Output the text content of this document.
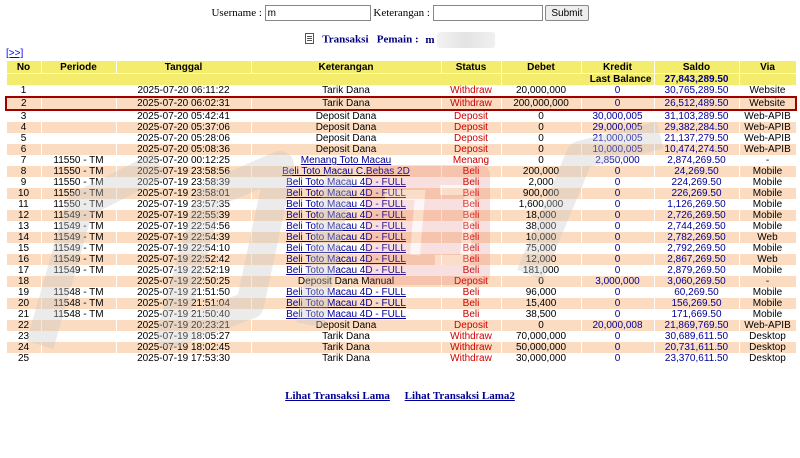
Username : m	Keterangan :	Submit
Transaksi Pemain : m
[>>]
No	Periode	Tanggal	Keterangan	Status	Debet	Kredit	Saldo	Via
					Last Balance		27,843,289.50	
1		2025-07-20 06:11:22	Tarik Dana	Withdraw	20,000,000	0	30,765,289.50	Website
2		2025-07-20 06:02:31	Tarik Dana	Withdraw	200,000,000	0	26,512,489.50	Website
3		2025-07-20 05:42:41	Deposit Dana	Deposit	0	30,000,005	31,103,289.50	Web-APIB
4		2025-07-20 05:37:06	Deposit Dana	Deposit	0	29,000,005	29,382,284.50	Web-APIB
5		2025-07-20 05:28:06	Deposit Dana	Deposit	0	21,000,005	21,137,279.50	Web-APIB
6		2025-07-20 05:08:36	Deposit Dana	Deposit	0	10,000,005	10,474,274.50	Web-APIB
7	11550 - TM	2025-07-20 00:12:25	Menang Toto Macau	Menang	0	2,850,000	2,874,269.50	-
8	11550 - TM	2025-07-19 23:58:56	Beli Toto Macau C.Bebas 2D	Beli	200,000	0	24,269.50	Mobile
9	11550 - TM	2025-07-19 23:58:39	Beli Toto Macau 4D - FULL	Beli	2,000	0	224,269.50	Mobile
10	11550 - TM	2025-07-19 23:58:01	Beli Toto Macau 4D - FULL	Beli	900,000	0	226,269.50	Mobile
11	11550 - TM	2025-07-19 23:57:35	Beli Toto Macau 4D - FULL	Beli	1,600,000	0	1,126,269.50	Mobile
12	11549 - TM	2025-07-19 22:55:39	Beli Toto Macau 4D - FULL	Beli	18,000	0	2,726,269.50	Mobile
13	11549 - TM	2025-07-19 22:54:56	Beli Toto Macau 4D - FULL	Beli	38,000	0	2,744,269.50	Mobile
14	11549 - TM	2025-07-19 22:54:39	Beli Toto Macau 4D - FULL	Beli	10,000	0	2,782,269.50	Web
15	11549 - TM	2025-07-19 22:54:10	Beli Toto Macau 4D - FULL	Beli	75,000	0	2,792,269.50	Mobile
16	11549 - TM	2025-07-19 22:52:42	Beli Toto Macau 4D - FULL	Beli	12,000	0	2,867,269.50	Web
17	11549 - TM	2025-07-19 22:52:19	Beli Toto Macau 4D - FULL	Beli	181,000	0	2,879,269.50	Mobile
18		2025-07-19 22:50:25	Deposit Dana Manual	Deposit	0	3,000,000	3,060,269.50	-
19	11548 - TM	2025-07-19 21:51:50	Beli Toto Macau 4D - FULL	Beli	96,000	0	60,269.50	Mobile
20	11548 - TM	2025-07-19 21:51:04	Beli Toto Macau 4D - FULL	Beli	15,400	0	156,269.50	Mobile
21	11548 - TM	2025-07-19 21:50:40	Beli Toto Macau 4D - FULL	Beli	38,500	0	171,669.50	Mobile
22		2025-07-19 20:23:21	Deposit Dana	Deposit	0	20,000,008	21,869,769.50	Web-APIB
23		2025-07-19 18:05:27	Tarik Dana	Withdraw	70,000,000	0	30,689,611.50	Desktop
24		2025-07-19 18:02:45	Tarik Dana	Withdraw	50,000,000	0	20,731,611.50	Desktop
25		2025-07-19 17:53:30	Tarik Dana	Withdraw	30,000,000	0	23,370,611.50	Desktop
Lihat Transaksi Lama Lihat Transaksi Lama2
